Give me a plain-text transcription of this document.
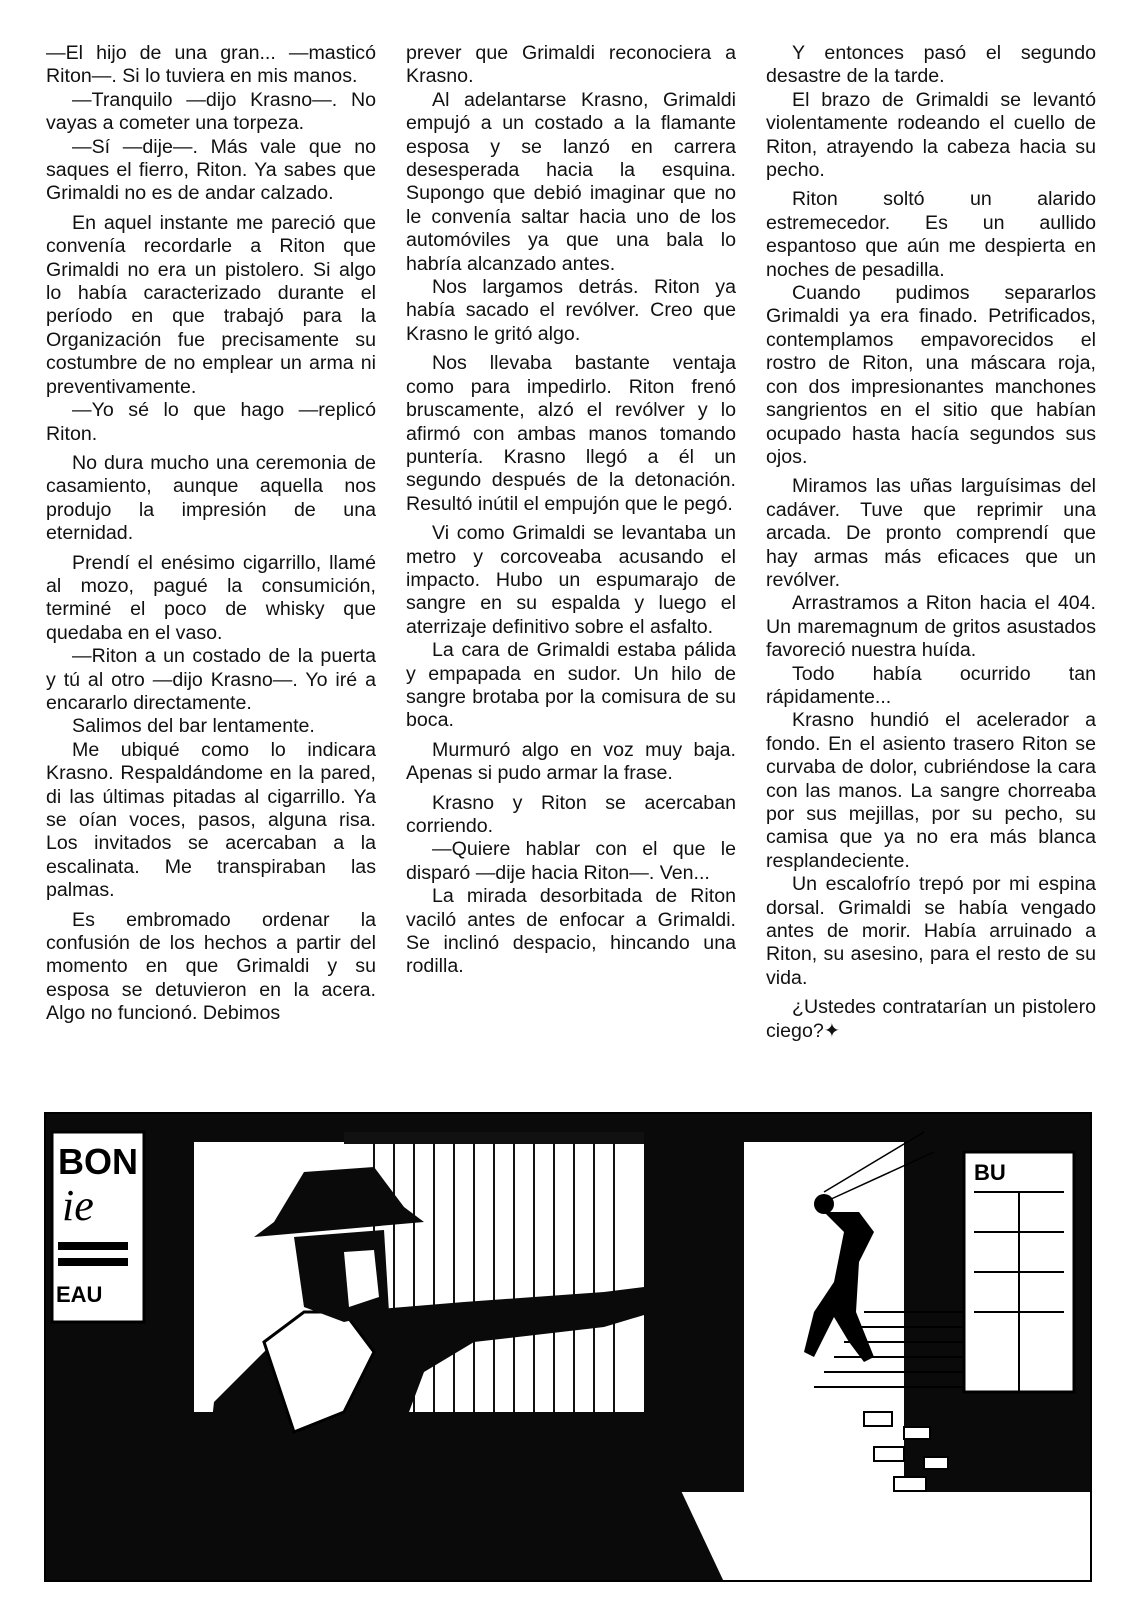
—El hijo de una gran... —masticó Riton—. Si lo tuviera en mis manos.

—Tranquilo —dijo Krasno—. No vayas a cometer una torpeza.

—Sí —dije—. Más vale que no saques el fierro, Riton. Ya sabes que Grimaldi no es de andar calzado.

En aquel instante me pareció que convenía recordarle a Riton que Grimaldi no era un pistolero. Si algo lo había caracterizado durante el período en que trabajó para la Organización fue precisamente su costumbre de no emplear un arma ni preventivamente.

—Yo sé lo que hago —replicó Riton.

No dura mucho una ceremonia de casamiento, aunque aquella nos produjo la impresión de una eternidad.

Prendí el enésimo cigarrillo, llamé al mozo, pagué la consumición, terminé el poco de whisky que quedaba en el vaso.

—Riton a un costado de la puerta y tú al otro —dijo Krasno—. Yo iré a encararlo directamente.

Salimos del bar lentamente.

Me ubiqué como lo indicara Krasno. Respaldándome en la pared, di las últimas pitadas al cigarrillo. Ya se oían voces, pasos, alguna risa. Los invitados se acercaban a la escalinata. Me transpiraban las palmas.

Es embromado ordenar la confusión de los hechos a partir del momento en que Grimaldi y su esposa se detuvieron en la acera. Algo no funcionó. Debimos

prever que Grimaldi reconociera a Krasno.

Al adelantarse Krasno, Grimaldi empujó a un costado a la flamante esposa y se lanzó en carrera desesperada hacia la esquina. Supongo que debió imaginar que no le convenía saltar hacia uno de los automóviles ya que una bala lo habría alcanzado antes.

Nos largamos detrás. Riton ya había sacado el revólver. Creo que Krasno le gritó algo.

Nos llevaba bastante ventaja como para impedirlo. Riton frenó bruscamente, alzó el revólver y lo afirmó con ambas manos tomando puntería. Krasno llegó a él un segundo después de la detonación. Resultó inútil el empujón que le pegó.

Vi como Grimaldi se levantaba un metro y corcoveaba acusando el impacto. Hubo un espumarajo de sangre en su espalda y luego el aterrizaje definitivo sobre el asfalto.

La cara de Grimaldi estaba pálida y empapada en sudor. Un hilo de sangre brotaba por la comisura de su boca.

Murmuró algo en voz muy baja. Apenas si pudo armar la frase.

Krasno y Riton se acercaban corriendo.

—Quiere hablar con el que le disparó —dije hacia Riton—. Ven...

La mirada desorbitada de Riton vaciló antes de enfocar a Grimaldi. Se inclinó despacio, hincando una rodilla.

Y entonces pasó el segundo desastre de la tarde.

El brazo de Grimaldi se levantó violentamente rodeando el cuello de Riton, atrayendo la cabeza hacia su pecho.

Riton soltó un alarido estremecedor. Es un aullido espantoso que aún me despierta en noches de pesadilla.

Cuando pudimos separarlos Grimaldi ya era finado. Petrificados, contemplamos empavorecidos el rostro de Riton, una máscara roja, con dos impresionantes manchones sangrientos en el sitio que habían ocupado hasta hacía segundos sus ojos.

Miramos las uñas larguísimas del cadáver. Tuve que reprimir una arcada. De pronto comprendí que hay armas más eficaces que un revólver.

Arrastramos a Riton hacia el 404. Un maremagnum de gritos asustados favoreció nuestra huída.

Todo había ocurrido tan rápidamente...

Krasno hundió el acelerador a fondo. En el asiento trasero Riton se curvaba de dolor, cubriéndose la cara con las manos. La sangre chorreaba por sus mejillas, por su pecho, su camisa que ya no era más blanca resplandeciente.

Un escalofrío trepó por mi espina dorsal. Grimaldi se había vengado antes de morir. Había arruinado a Riton, su asesino, para el resto de su vida.

¿Ustedes contratarían un pistolero ciego?✦

BON
ie
EAU
BU
